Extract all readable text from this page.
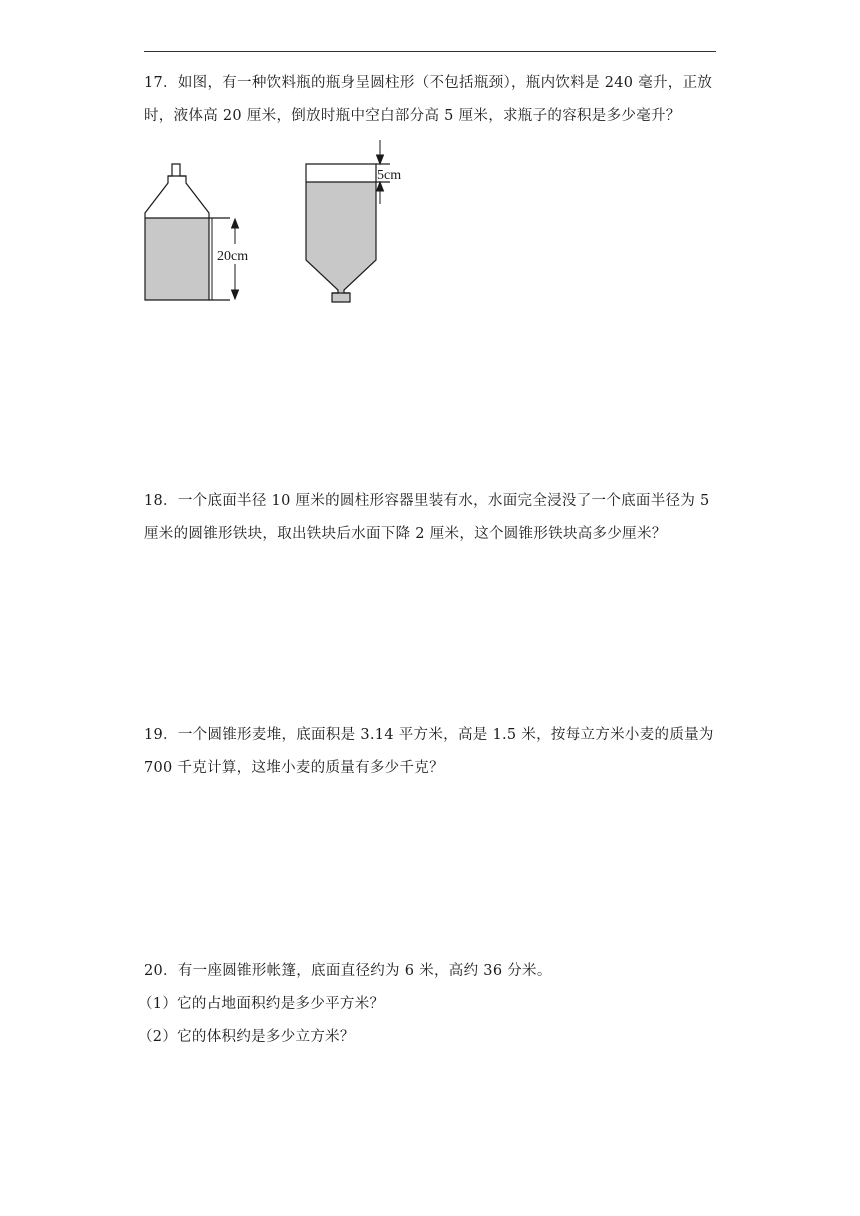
17．如图，有一种饮料瓶的瓶身呈圆柱形（不包括瓶颈），瓶内饮料是 240 毫升，正放时，液体高 20 厘米，倒放时瓶中空白部分高 5 厘米，求瓶子的容积是多少毫升？
20cm
5cm
18．一个底面半径 10 厘米的圆柱形容器里装有水，水面完全浸没了一个底面半径为 5 厘米的圆锥形铁块，取出铁块后水面下降 2 厘米，这个圆锥形铁块高多少厘米？
19．一个圆锥形麦堆，底面积是 3.14 平方米，高是 1.5 米，按每立方米小麦的质量为 700 千克计算，这堆小麦的质量有多少千克？
20．有一座圆锥形帐篷，底面直径约为 6 米，高约 36 分米。
（1）它的占地面积约是多少平方米？
（2）它的体积约是多少立方米？
